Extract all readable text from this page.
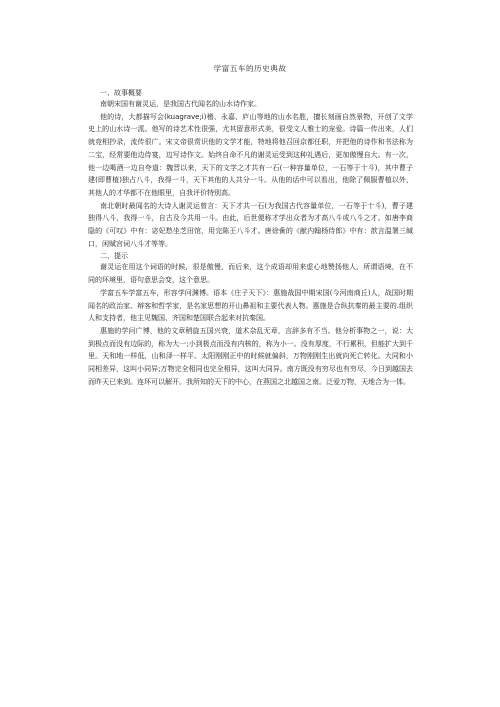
学富五车的历史典故
一、故事概要

南朝宋国有谢灵运，是我国古代闻名的山水诗作家。

他的诗，大都描写会(kuagrave;i)稽、永嘉、庐山等地的山水名胜，擅长刻画自然景物，开创了文学史上的山水诗一派。他写的诗艺术性很强，尤其留意形式美，很受文人雅士的宠爱。诗篇一传出来，人们就竞相抄录，流传很广。宋文帝很赏识他的文学才能，特地将他召回京都任职，并把他的诗作和书法称为二宝，经常要他边侍宴，边写诗作文。始终自命不凡的谢灵运受到这种礼遇后，更加傲慢自大。有一次，他一边喝酒一边自夸道：魏晋以来，天下的文学之才共有一石(一种容量单位，一石等于十斗)，其中曹子建(即曹植)独占八斗，我得一斗，天下其他的人共分一斗。从他的话中可以看出，他除了佩服曹植以外，其他人的才华都不在他眼里，自我评价特别高。

南北朝时最闻名的大诗人谢灵运曾言：天下才共一石(为我国古代容量单位，一石等于十斗)，曹子建独得八斗，我得一斗，自古及今共用一斗。由此，后世便称才学出众者为才高八斗或八斗之才。如唐李商隐的《可叹》中有：宓妃愁坐芝田馆，用完陈王八斗才。唐徐夤的《献内翰杨侍郎》中有：歆言温署三缄口，闲赋宫词八斗才等等。

二、提示

谢灵运在用这个词语的时候，很是傲慢，而后来，这个成语却用来虚心地赞扬他人，所谓语境，在不同的环境里，语句意思会变，这个意思。

学富五车学富五车，形容学问渊博。语本《庄子天下》：惠施战国中期宋国(今河南商丘)人，战国时期闻名的政治家、辩客和哲学家，是名家思想的开山鼻祖和主要代表人物。惠施是合纵抗秦的最主要的.组织人和支持者，他主见魏国、齐国和楚国联合起来对抗秦国。

惠施的学问广博，他的文章稍旋五国兴衰，道术杂乱无章，言辞多有不当。他分析事物之一，说：大到极点而没有边际的，称为大一;小到极点而没有内核的，称为小一。没有厚度，不行累积，但能扩大到千里。天和地一样低，山和泽一样平。太阳刚刚正中的时候就偏斜，万物刚刚生出就向死亡转化。大同和小同相差异，这叫小同异;万物完全相同也完全相异，这叫大同异。南方既没有穷尽也有穷尽，今日到越国去而昨天已来到。连环可以解开。我所知的天下的中心，在燕国之北越国之南。泛爱万物，天地合为一体。
